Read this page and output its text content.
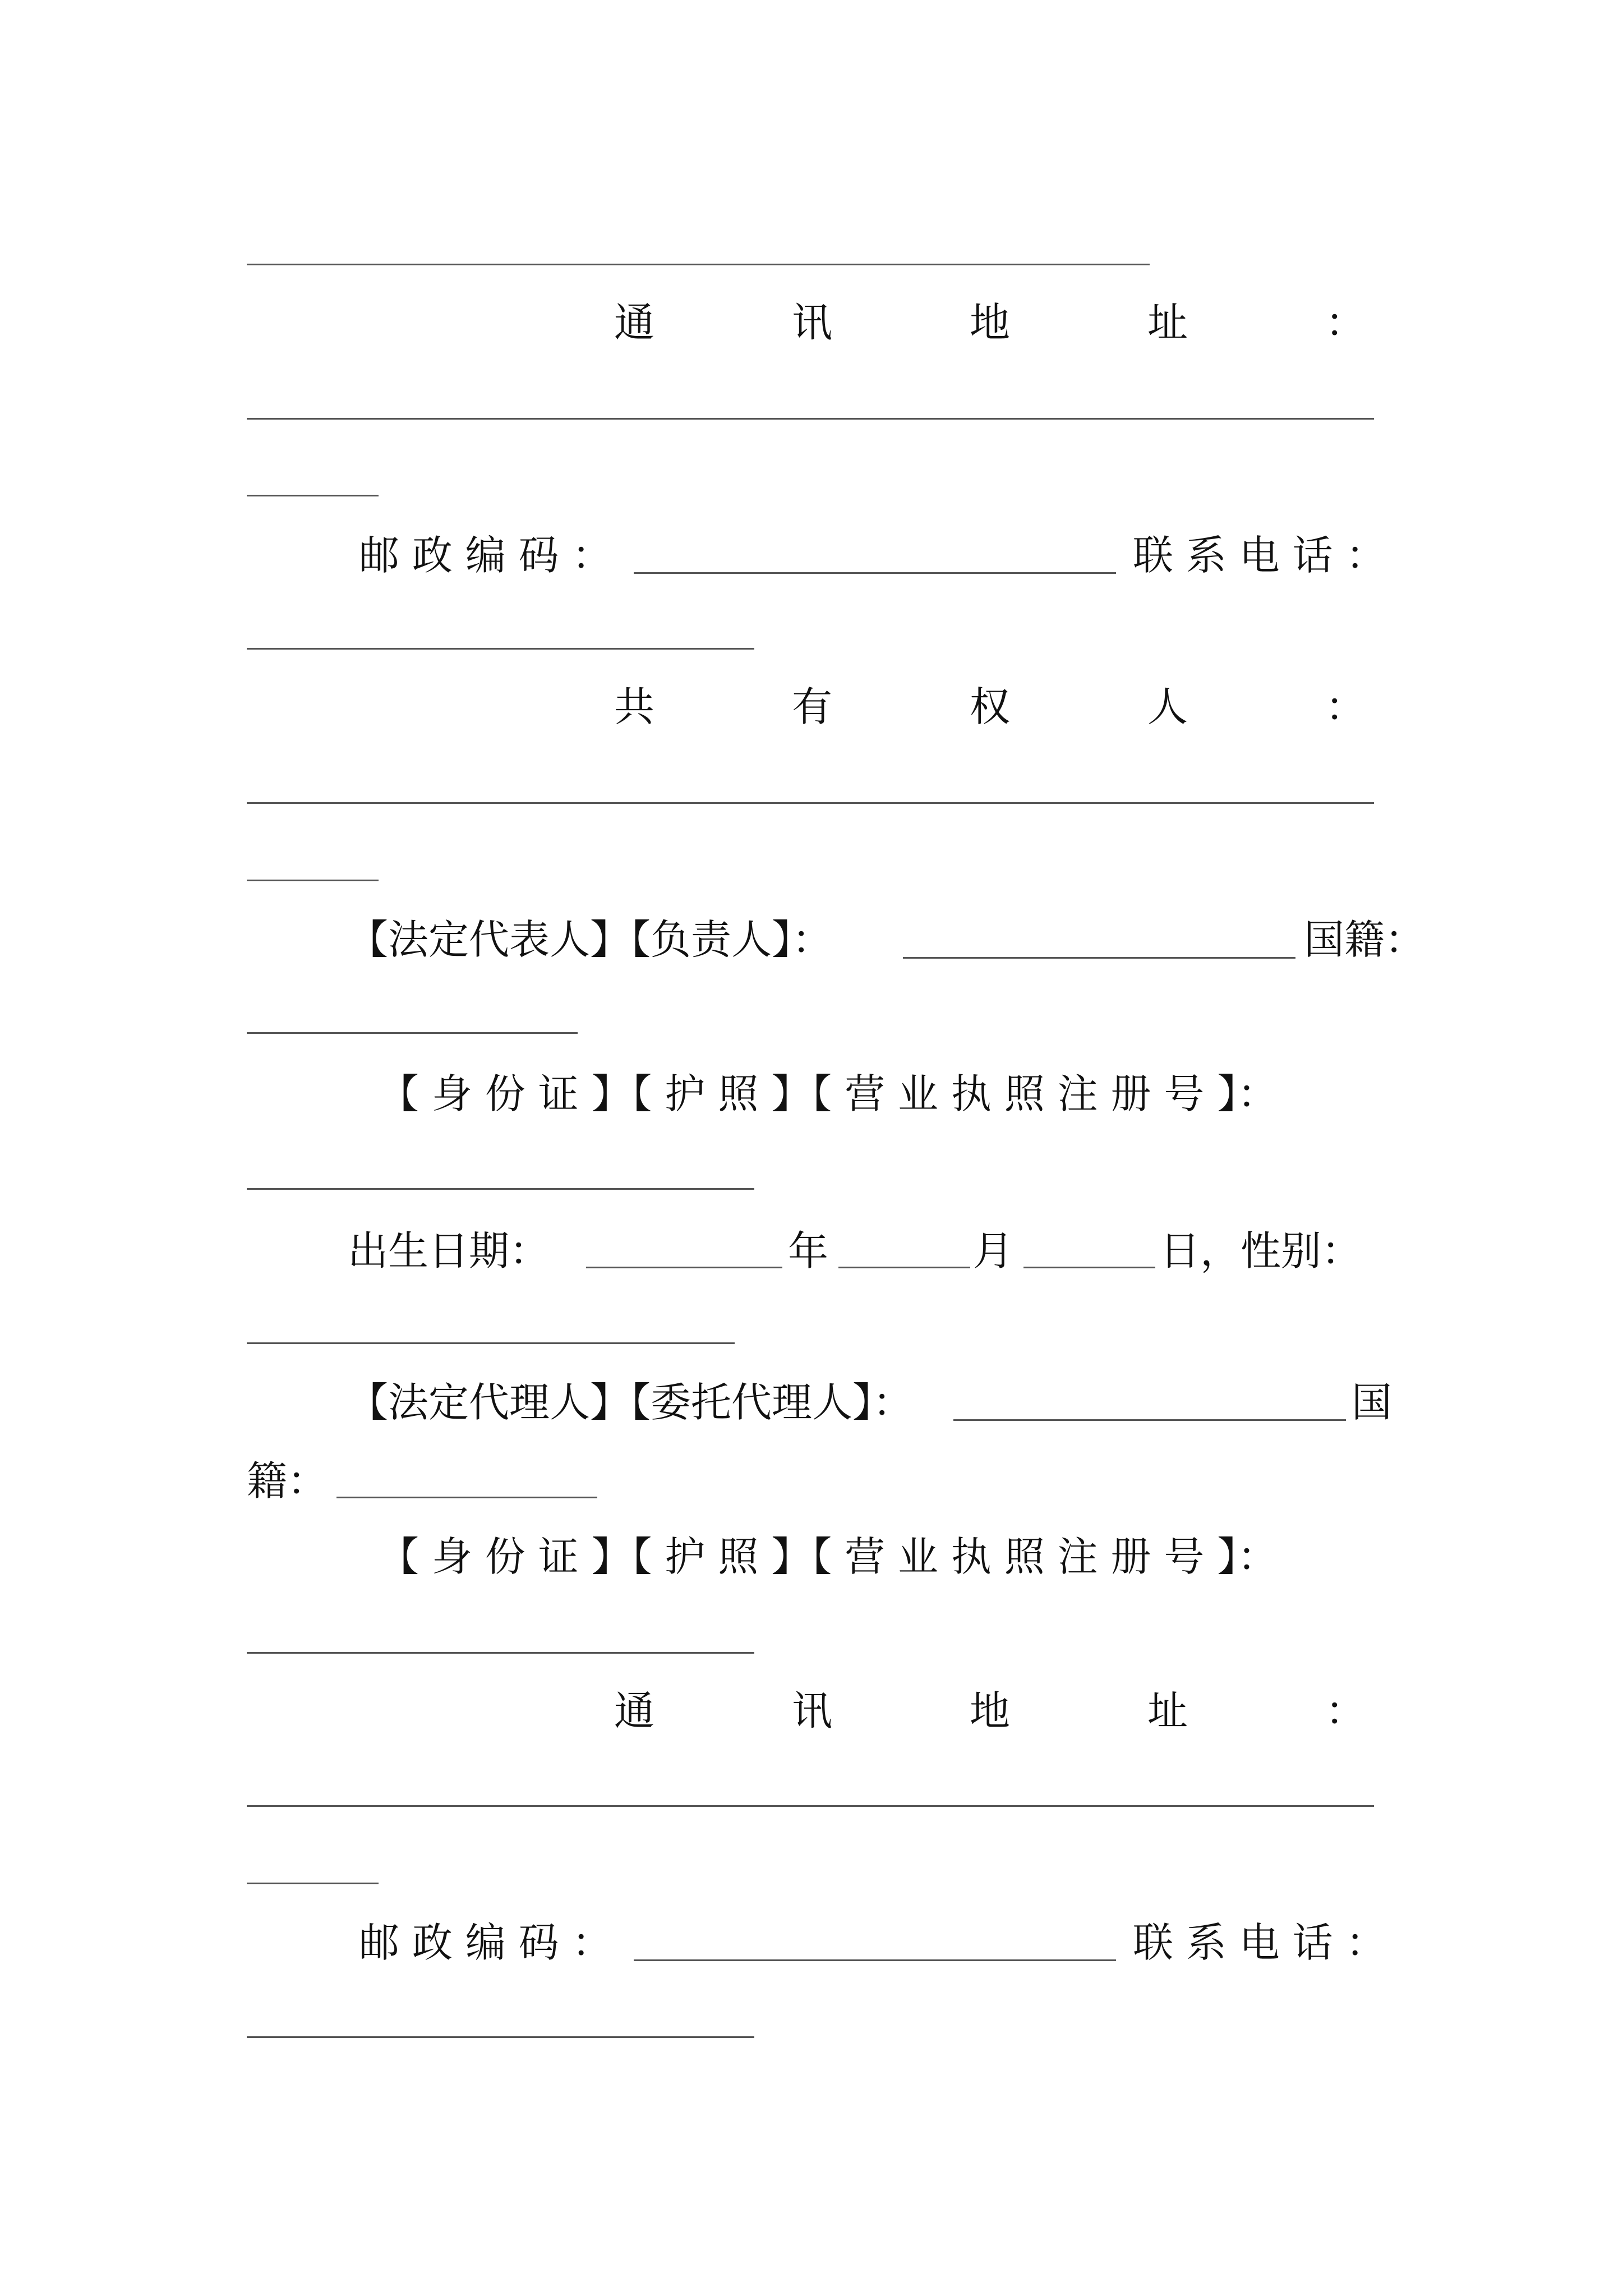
通	讯	地	址	：
邮 政 编 码 ：	联 系 电 话 ：
共	有	权	人	：
【法定代表人】【负责人】：	国籍：
【 身 份 证 】【 护 照 】【 营 业 执 照 注 册 号 】：
出生日期：	年	月	日，性别：
【法定代理人】【委托代理人】：	国
籍：
【 身 份 证 】【 护 照 】【 营 业 执 照 注 册 号 】：
通	讯	地	址	：
邮 政 编 码 ：	联 系 电 话 ：
